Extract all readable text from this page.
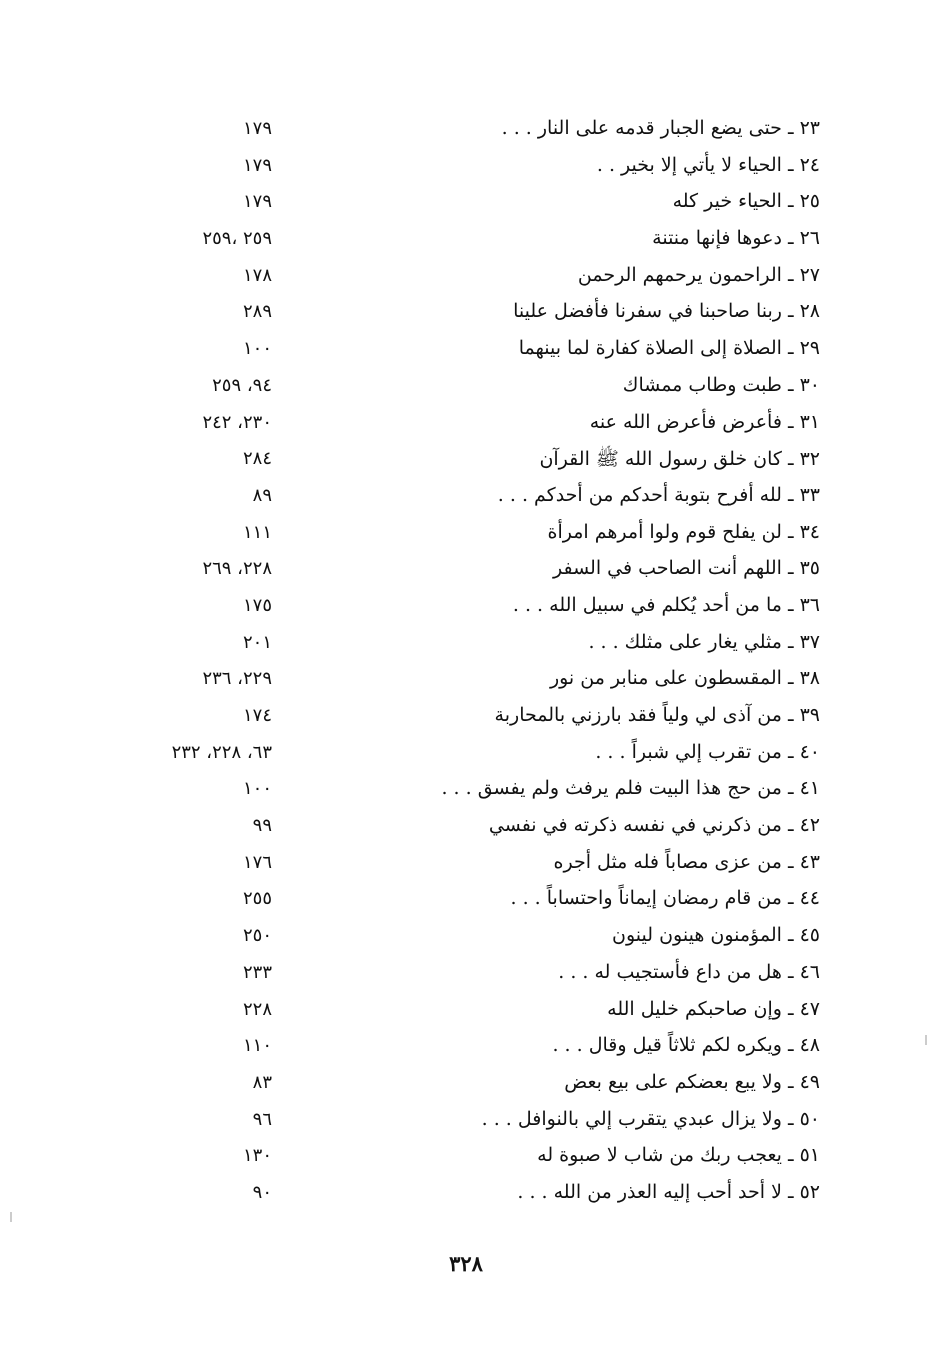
٢٣ ـ حتى يضع الجبار قدمه على النار . . .
١٧٩
٢٤ ـ الحياء لا يأتي إلا بخير . .
١٧٩
٢٥ ـ الحياء خير كله
١٧٩
٢٦ ـ دعوها فإنها منتنة
٢٥٩ ،٢٥٩
٢٧ ـ الراحمون يرحمهم الرحمن
١٧٨
٢٨ ـ ربنا صاحبنا في سفرنا فأفضل علينا
٢٨٩
٢٩ ـ الصلاة إلى الصلاة كفارة لما بينهما
١٠٠
٣٠ ـ طبت وطاب ممشاك
٩٤، ٢٥٩
٣١ ـ فأعرض فأعرض الله عنه
٢٣٠، ٢٤٢
٣٢ ـ كان خلق رسول الله ﷺ القرآن
٢٨٤
٣٣ ـ لله أفرح بتوبة أحدكم من أحدكم . . .
٨٩
٣٤ ـ لن يفلح قوم ولوا أمرهم امرأة
١١١
٣٥ ـ اللهم أنت الصاحب في السفر
٢٢٨، ٢٦٩
٣٦ ـ ما من أحد يُكلم في سبيل الله . . .
١٧٥
٣٧ ـ مثلي يغار على مثلك . . .
٢٠١
٣٨ ـ المقسطون على منابر من نور
٢٢٩، ٢٣٦
٣٩ ـ من آذى لي ولياً فقد بارزني بالمحاربة
١٧٤
٤٠ ـ من تقرب إلي شبراً . . .
٦٣، ٢٢٨، ٢٣٢
٤١ ـ من حج هذا البيت فلم يرفث ولم يفسق . . .
١٠٠
٤٢ ـ من ذكرني في نفسه ذكرته في نفسي
٩٩
٤٣ ـ من عزى مصاباً فله مثل أجره
١٧٦
٤٤ ـ من قام رمضان إيماناً واحتساباً . . .
٢٥٥
٤٥ ـ المؤمنون هينون لينون
٢٥٠
٤٦ ـ هل من داع فأستجيب له . . .
٢٣٣
٤٧ ـ وإن صاحبكم خليل الله
٢٢٨
٤٨ ـ ويكره لكم ثلاثاً قيل وقال . . .
١١٠
٤٩ ـ ولا يبع بعضكم على بيع بعض
٨٣
٥٠ ـ ولا يزال عبدي يتقرب إلي بالنوافل . . .
٩٦
٥١ ـ يعجب ربك من شاب لا صبوة له
١٣٠
٥٢ ـ لا أحد أحب إليه العذر من الله . . .
٩٠
٣٢٨
